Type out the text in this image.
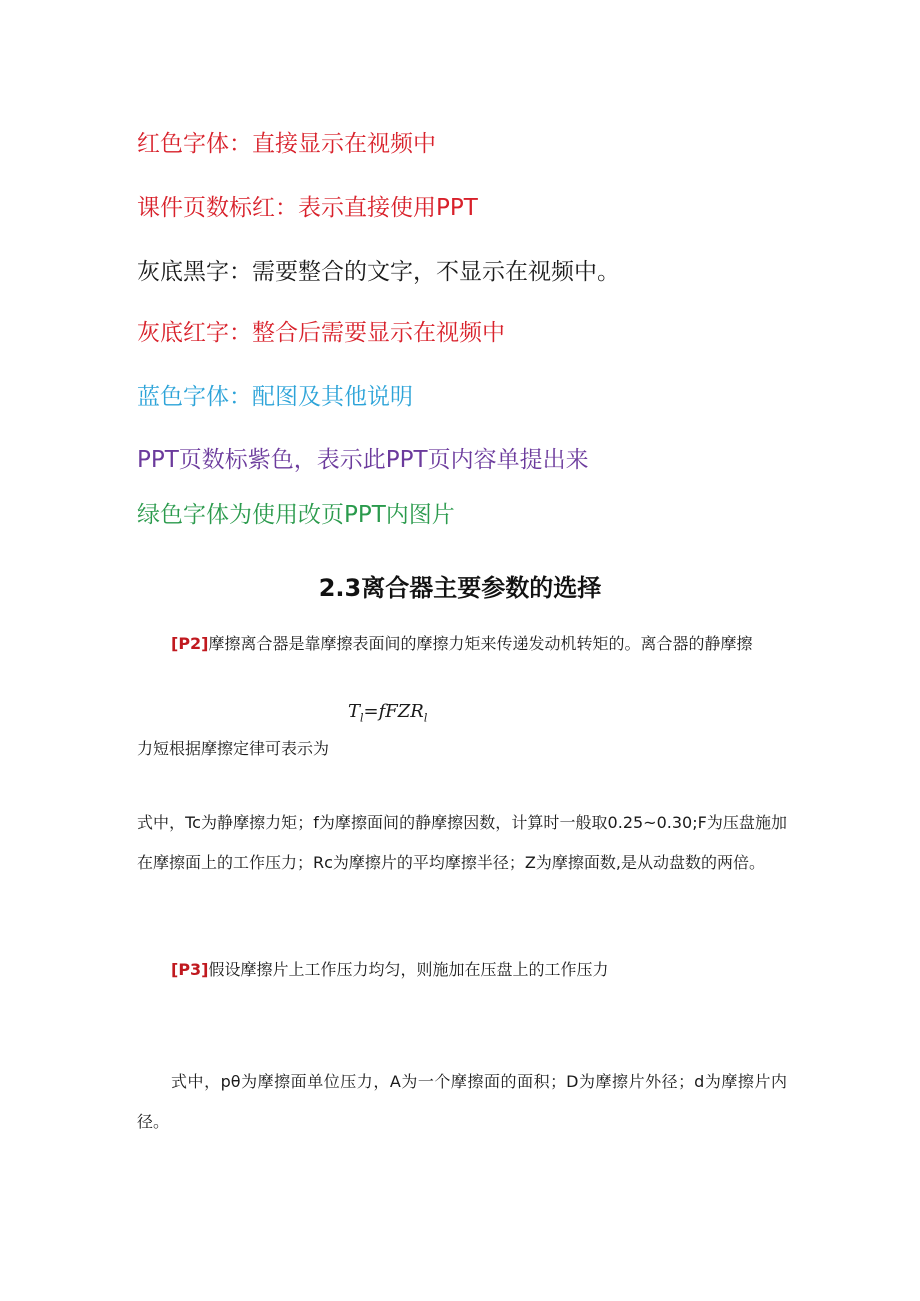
红色字体：直接显示在视频中
课件页数标红：表示直接使用PPT
灰底黑字：需要整合的文字，不显示在视频中。
灰底红字：整合后需要显示在视频中
蓝色字体：配图及其他说明
PPT页数标紫色，表示此PPT页内容单提出来
绿色字体为使用改页PPT内图片
2.3离合器主要参数的选择
[P2]摩擦离合器是靠摩擦表面间的摩擦力矩来传递发动机转矩的。离合器的静摩擦
$T_l=fFZR_l$
力短根据摩擦定律可表示为
式中，Tc为静摩擦力矩；f为摩擦面间的静摩擦因数，计算时一般取0.25~0.30;F为压盘施加在摩擦面上的工作压力；Rc为摩擦片的平均摩擦半径；Z为摩擦面数,是从动盘数的两倍。
[P3]假设摩擦片上工作压力均匀，则施加在压盘上的工作压力
式中，pθ为摩擦面单位压力，A为一个摩擦面的面积；D为摩擦片外径；d为摩擦片内径。
